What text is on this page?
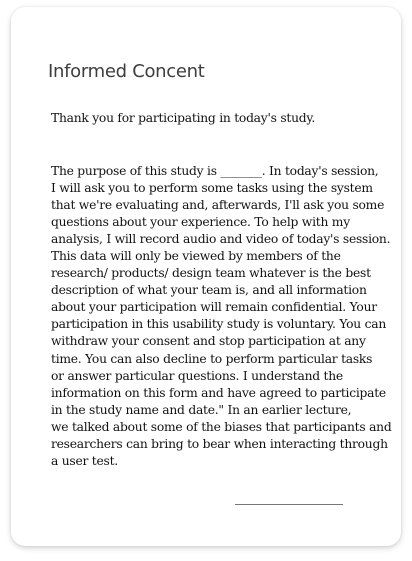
Informed Concent

Thank you for participating in today's study.

The purpose of this study is _______. In today's session,
I will ask you to perform some tasks using the system
that we're evaluating and, afterwards, I'll ask you some
questions about your experience. To help with my
analysis, I will record audio and video of today's session.
This data will only be viewed by members of the
research/ products/ design team whatever is the best
description of what your team is, and all information
about your participation will remain confidential. Your
participation in this usability study is voluntary. You can
withdraw your consent and stop participation at any
time. You can also decline to perform particular tasks
or answer particular questions. I understand the
information on this form and have agreed to participate
in the study name and date." In an earlier lecture,
we talked about some of the biases that participants and
researchers can bring to bear when interacting through
a user test.
